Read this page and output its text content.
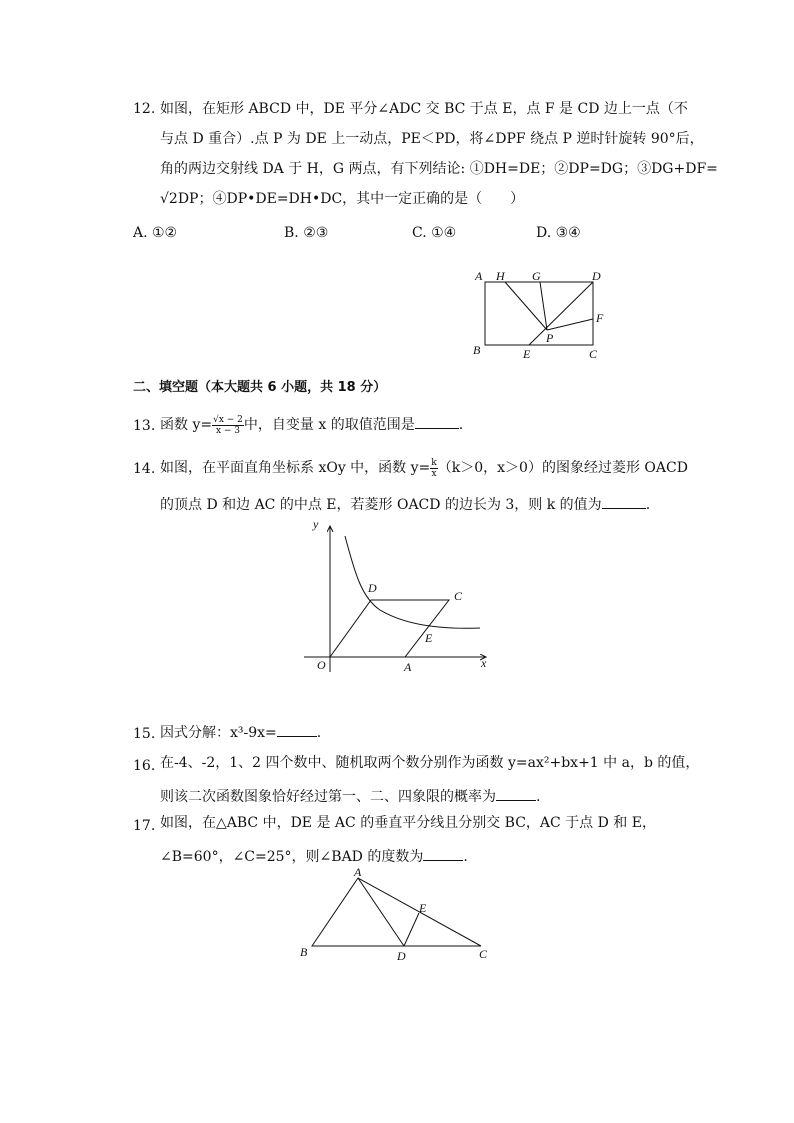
12. 如图，在矩形 ABCD 中，DE 平分∠ADC 交 BC 于点 E，点 F 是 CD 边上一点（不
与点 D 重合）.点 P 为 DE 上一动点，PE＜PD，将∠DPF 绕点 P 逆时针旋转 90°后，
角的两边交射线 DA 于 H，G 两点，有下列结论: ①DH=DE；②DP=DG；③DG+DF=
√2DP；④DP•DE=DH•DC，其中一定正确的是（　　）
A. ①②	B. ②③	C. ①④	D. ③④
A H G	D
F
P
B	E	C
二、填空题（本大题共 6 小题，共 18 分）
13. 函数 $y= \frac{√x - 2}{x - 3}$ 中，自变量 x 的取值范围是	.
14. 如图，在平面直角坐标系 xOy 中，函数 $y= \frac{k}{x} (k>0$，x＞0）的图象经过菱形 OACD
的顶点 D 和边 AC 的中点 E，若菱形 OACD 的边长为 3，则 k 的值为	.
y
x
O	A
D
C
E
15. 因式分解：x³-9x=	.
16. 在-4、-2，1、2 四个数中、随机取两个数分别作为函数 y=ax²+bx+1 中 a，b 的值，
则该二次函数图象恰好经过第一、二、四象限的概率为	.
17. 如图，在△ABC 中，DE 是 AC 的垂直平分线且分别交 BC，AC 于点 D 和 E，
∠B=60°，∠C=25°，则∠BAD 的度数为	.
A
B	C
D
E
